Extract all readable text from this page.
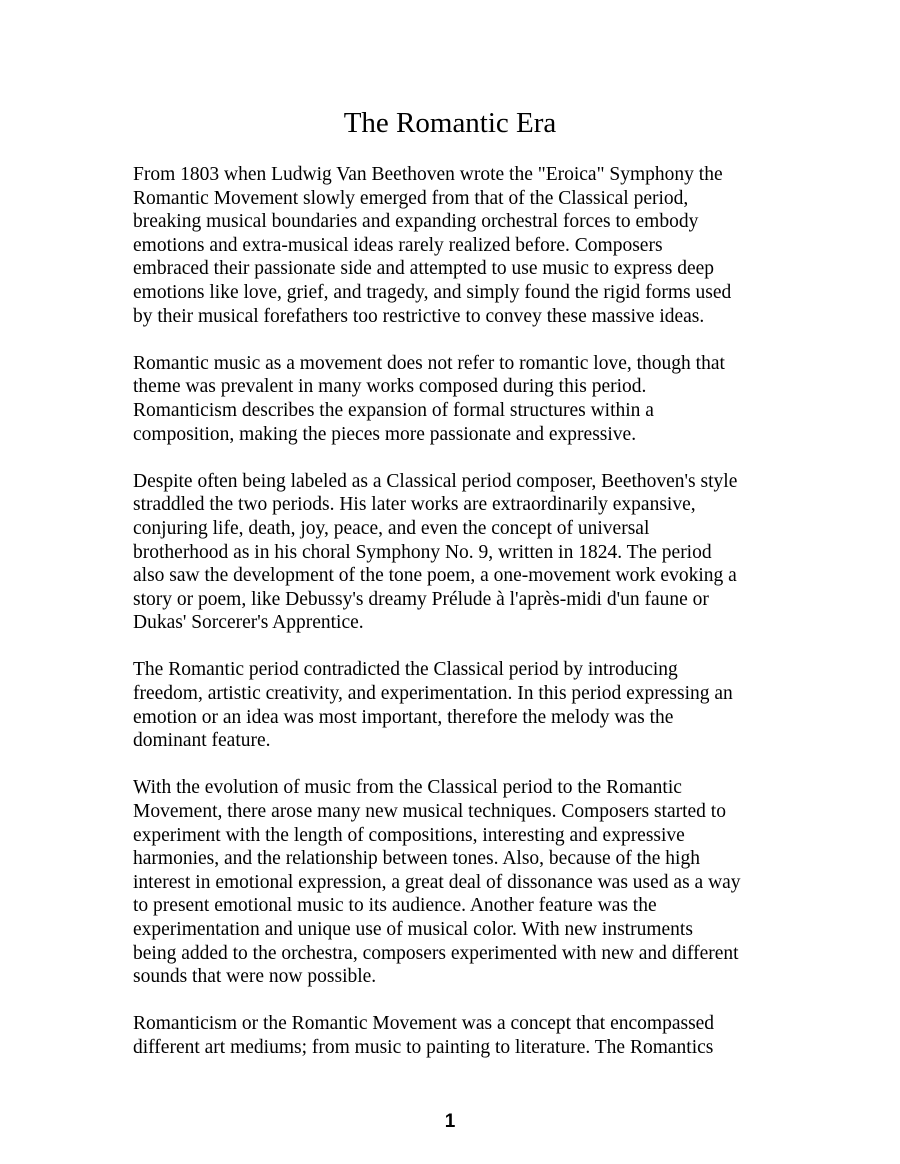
The Romantic Era

From 1803 when Ludwig Van Beethoven wrote the "Eroica" Symphony the
Romantic Movement slowly emerged from that of the Classical period,
breaking musical boundaries and expanding orchestral forces to embody
emotions and extra-musical ideas rarely realized before. Composers
embraced their passionate side and attempted to use music to express deep
emotions like love, grief, and tragedy, and simply found the rigid forms used
by their musical forefathers too restrictive to convey these massive ideas.

Romantic music as a movement does not refer to romantic love, though that
theme was prevalent in many works composed during this period.
Romanticism describes the expansion of formal structures within a
composition, making the pieces more passionate and expressive.

Despite often being labeled as a Classical period composer, Beethoven's style
straddled the two periods. His later works are extraordinarily expansive,
conjuring life, death, joy, peace, and even the concept of universal
brotherhood as in his choral Symphony No. 9, written in 1824. The period
also saw the development of the tone poem, a one-movement work evoking a
story or poem, like Debussy's dreamy Prélude à l'après-midi d'un faune or
Dukas' Sorcerer's Apprentice.

The Romantic period contradicted the Classical period by introducing
freedom, artistic creativity, and experimentation. In this period expressing an
emotion or an idea was most important, therefore the melody was the
dominant feature.

With the evolution of music from the Classical period to the Romantic
Movement, there arose many new musical techniques. Composers started to
experiment with the length of compositions, interesting and expressive
harmonies, and the relationship between tones. Also, because of the high
interest in emotional expression, a great deal of dissonance was used as a way
to present emotional music to its audience. Another feature was the
experimentation and unique use of musical color. With new instruments
being added to the orchestra, composers experimented with new and different
sounds that were now possible.

Romanticism or the Romantic Movement was a concept that encompassed
different art mediums; from music to painting to literature. The Romantics

1
